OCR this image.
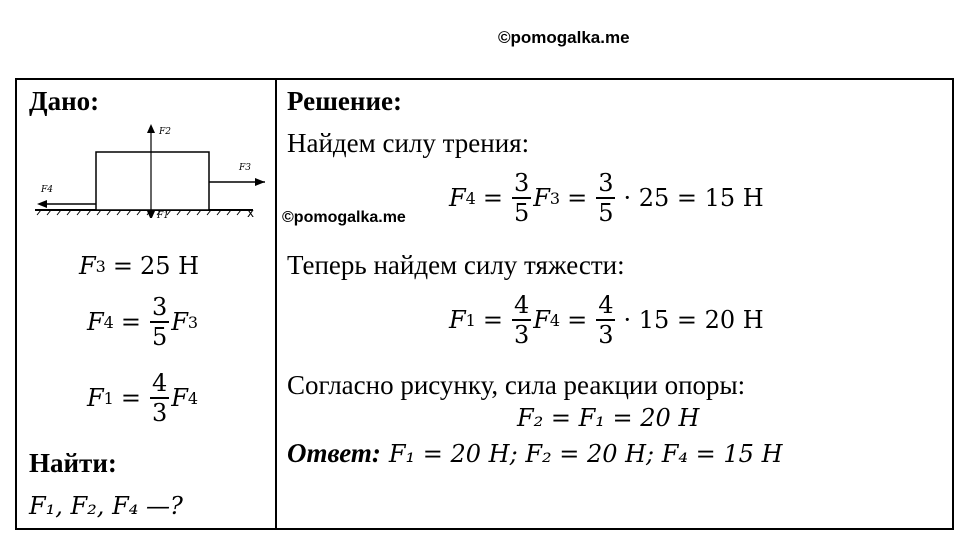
©pomogalka.me
Дано:
x
F2
F1
F3
F4
F 3 = 25 Н
F $4 = \frac{3}{5}$ F 3
F $1 = \frac{4}{3}$ F 4
Найти:
F₁, F₂, F₄ —?
Решение:
Найдем силу трения:
F $4 = \frac{3}{5}$ F $3 = \frac{3}{5} \cdot 25 = 15$ Н
Теперь найдем силу тяжести:
F $1 = \frac{4}{3}$ F $4 = \frac{4}{3} \cdot 15 = 20$ Н
Согласно рисунку, сила реакции опоры:
F₂ = F₁ = 20 Н
Ответ: F₁ = 20 Н; F₂ = 20 Н; F₄ = 15 Н
©pomogalka.me
